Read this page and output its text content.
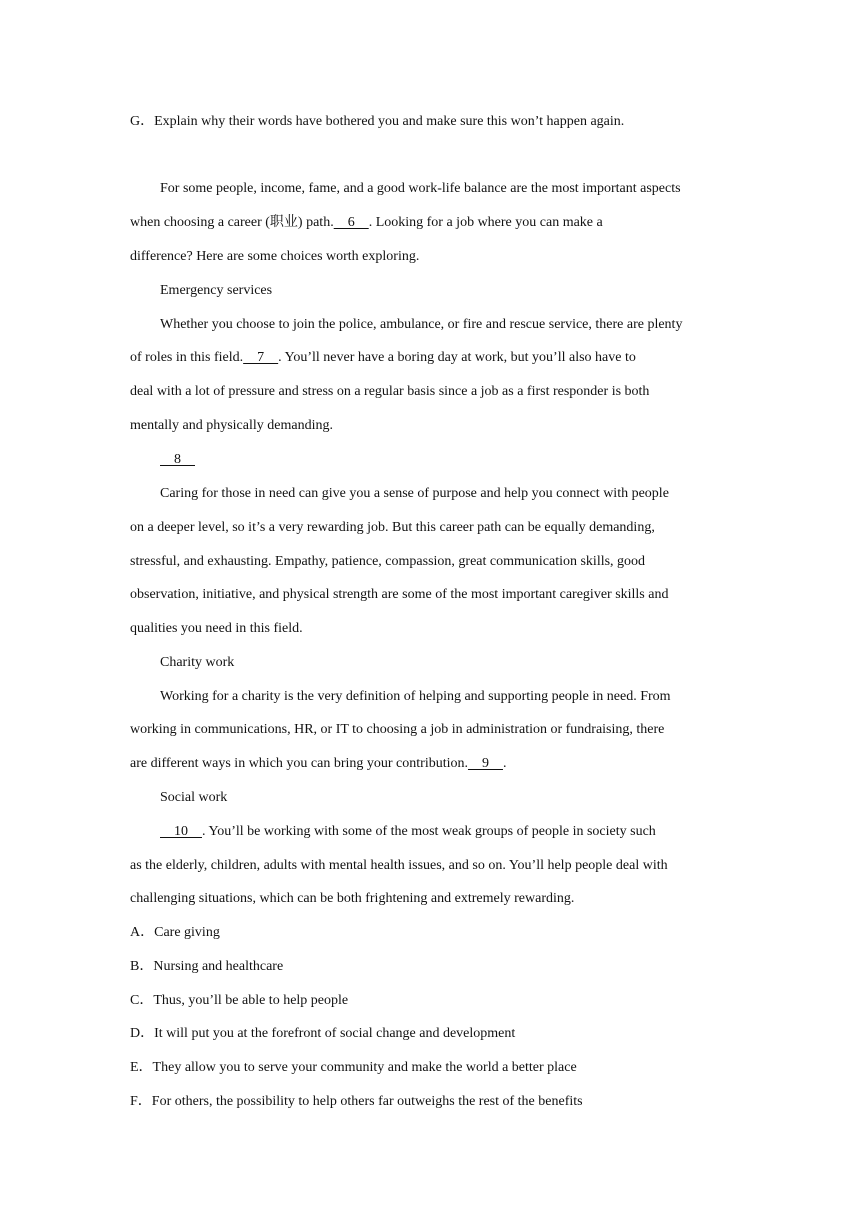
G．Explain why their words have bothered you and make sure this won’t happen again.
For some people, income, fame, and a good work-life balance are the most important aspects
when choosing a career (职业) path.    6    . Looking for a job where you can make a
difference? Here are some choices worth exploring.
Emergency services
Whether you choose to join the police, ambulance, or fire and rescue service, there are plenty
of roles in this field.    7    . You’ll never have a boring day at work, but you’ll also have to
deal with a lot of pressure and stress on a regular basis since a job as a first responder is both
mentally and physically demanding.
8
Caring for those in need can give you a sense of purpose and help you connect with people
on a deeper level, so it’s a very rewarding job. But this career path can be equally demanding,
stressful, and exhausting. Empathy, patience, compassion, great communication skills, good
observation, initiative, and physical strength are some of the most important caregiver skills and
qualities you need in this field.
Charity work
Working for a charity is the very definition of helping and supporting people in need. From
working in communications, HR, or IT to choosing a job in administration or fundraising, there
are different ways in which you can bring your contribution.    9    .
Social work
10    . You’ll be working with some of the most weak groups of people in society such
as the elderly, children, adults with mental health issues, and so on. You’ll help people deal with
challenging situations, which can be both frightening and extremely rewarding.
A．Care giving
B．Nursing and healthcare
C．Thus, you’ll be able to help people
D．It will put you at the forefront of social change and development
E．They allow you to serve your community and make the world a better place
F．For others, the possibility to help others far outweighs the rest of the benefits
